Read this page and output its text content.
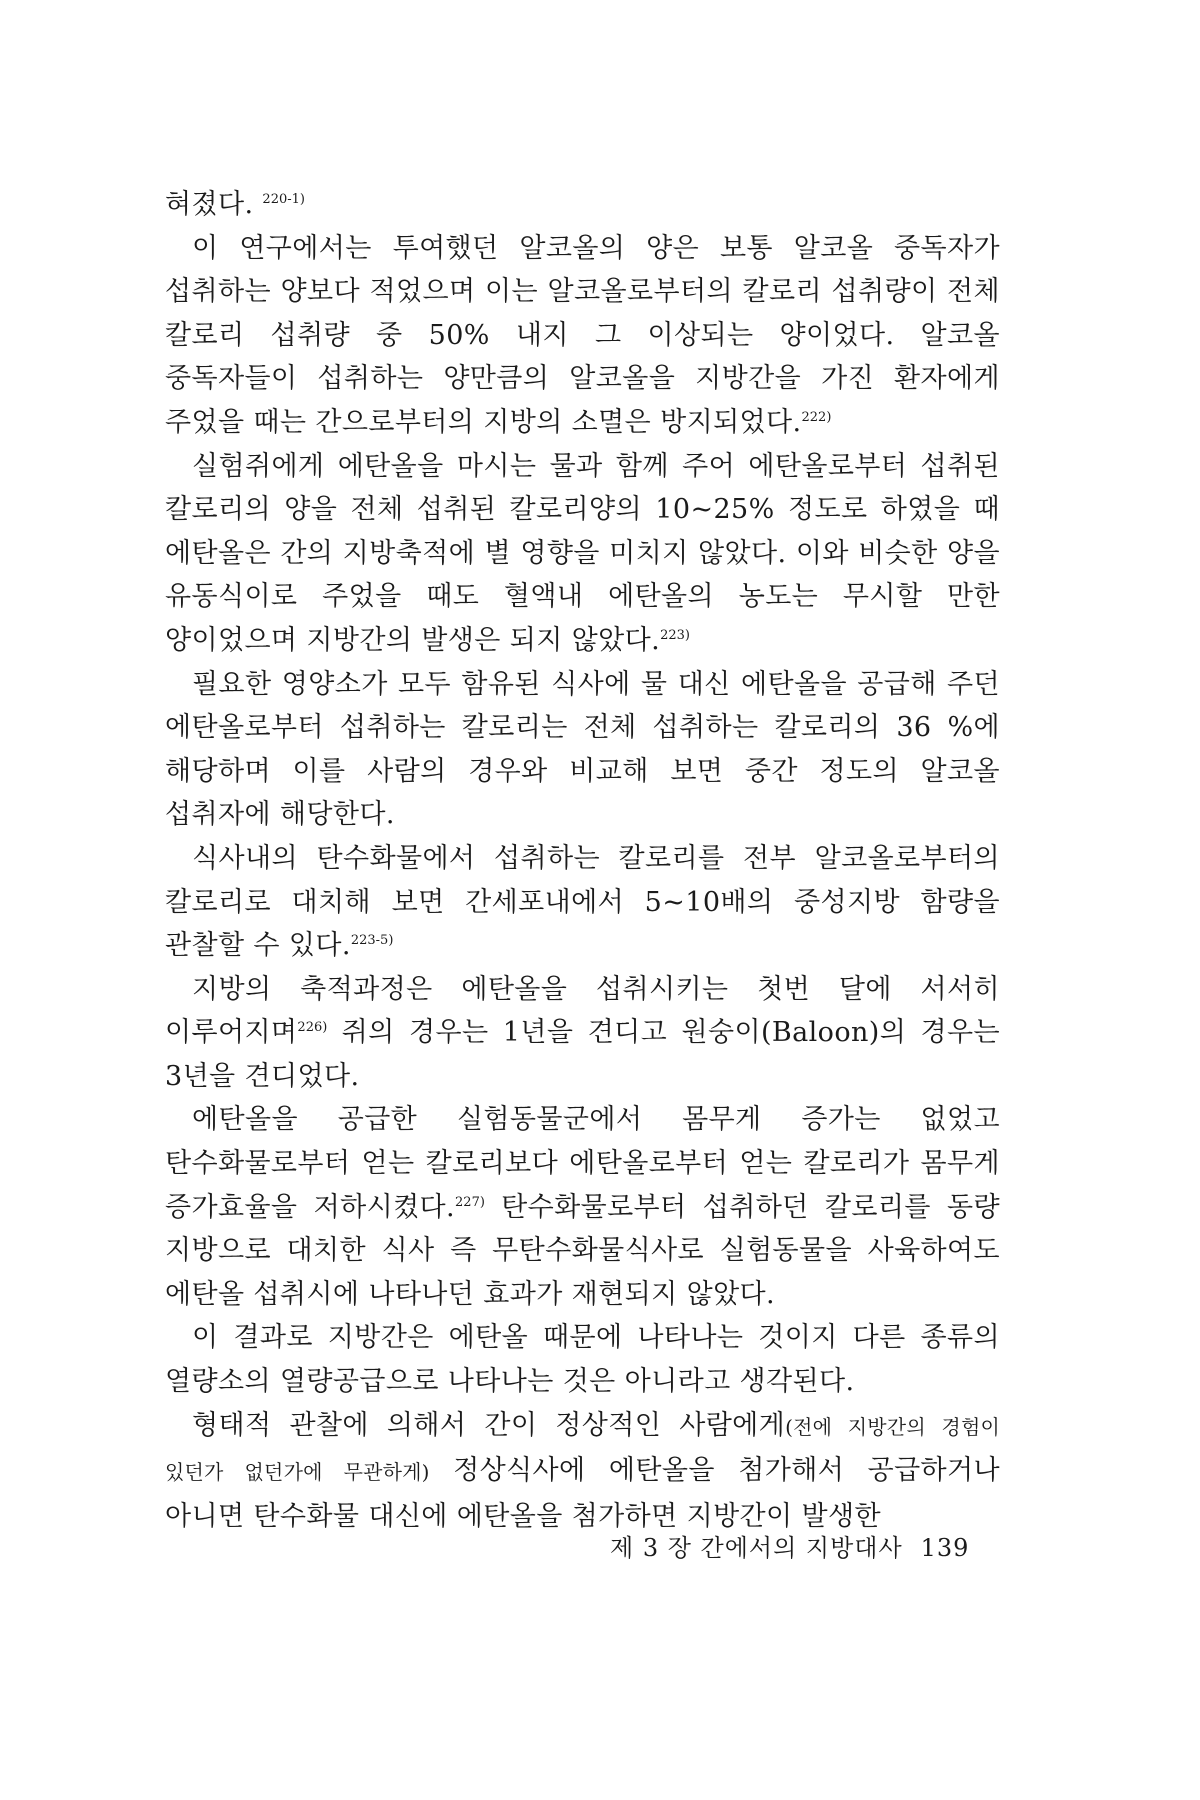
혀졌다. $^{220-1)}$

이 연구에서는 투여했던 알코올의 양은 보통 알코올 중독자가 섭취하는 양보다 적었으며 이는 알코올로부터의 칼로리 섭취량이 전체 칼로리 섭취량 중 50% 내지 그 이상되는 양이었다. 알코올 중독자들이 섭취하는 양만큼의 알코올을 지방간을 가진 환자에게 주었을 때는 간으로부터의 지방의 소멸은 방지되었다.$^{222)}$

실험쥐에게 에탄올을 마시는 물과 함께 주어 에탄올로부터 섭취된 칼로리의 양을 전체 섭취된 칼로리양의 10~25% 정도로 하였을 때 에탄올은 간의 지방축적에 별 영향을 미치지 않았다. 이와 비슷한 양을 유동식이로 주었을 때도 혈액내 에탄올의 농도는 무시할 만한 양이었으며 지방간의 발생은 되지 않았다.$^{223)}$

필요한 영양소가 모두 함유된 식사에 물 대신 에탄올을 공급해 주던 에탄올로부터 섭취하는 칼로리는 전체 섭취하는 칼로리의 36 %에 해당하며 이를 사람의 경우와 비교해 보면 중간 정도의 알코올 섭취자에 해당한다.

식사내의 탄수화물에서 섭취하는 칼로리를 전부 알코올로부터의 칼로리로 대치해 보면 간세포내에서 5~10배의 중성지방 함량을 관찰할 수 있다.$^{223-5)}$

지방의 축적과정은 에탄올을 섭취시키는 첫번 달에 서서히 이루어지며$^{226)}$ 쥐의 경우는 1년을 견디고 원숭이(Baloon)의 경우는 3년을 견디었다.

에탄올을 공급한 실험동물군에서 몸무게 증가는 없었고 탄수화물로부터 얻는 칼로리보다 에탄올로부터 얻는 칼로리가 몸무게 증가효율을 저하시켰다.$^{227)}$ 탄수화물로부터 섭취하던 칼로리를 동량 지방으로 대치한 식사 즉 무탄수화물식사로 실험동물을 사육하여도 에탄올 섭취시에 나타나던 효과가 재현되지 않았다.

이 결과로 지방간은 에탄올 때문에 나타나는 것이지 다른 종류의 열량소의 열량공급으로 나타나는 것은 아니라고 생각된다.

형태적 관찰에 의해서 간이 정상적인 사람에게(전에 지방간의 경험이 있던가 없던가에 무관하게) 정상식사에 에탄올을 첨가해서 공급하거나 아니면 탄수화물 대신에 에탄올을 첨가하면 지방간이 발생한

제 3 장 간에서의 지방대사 139
